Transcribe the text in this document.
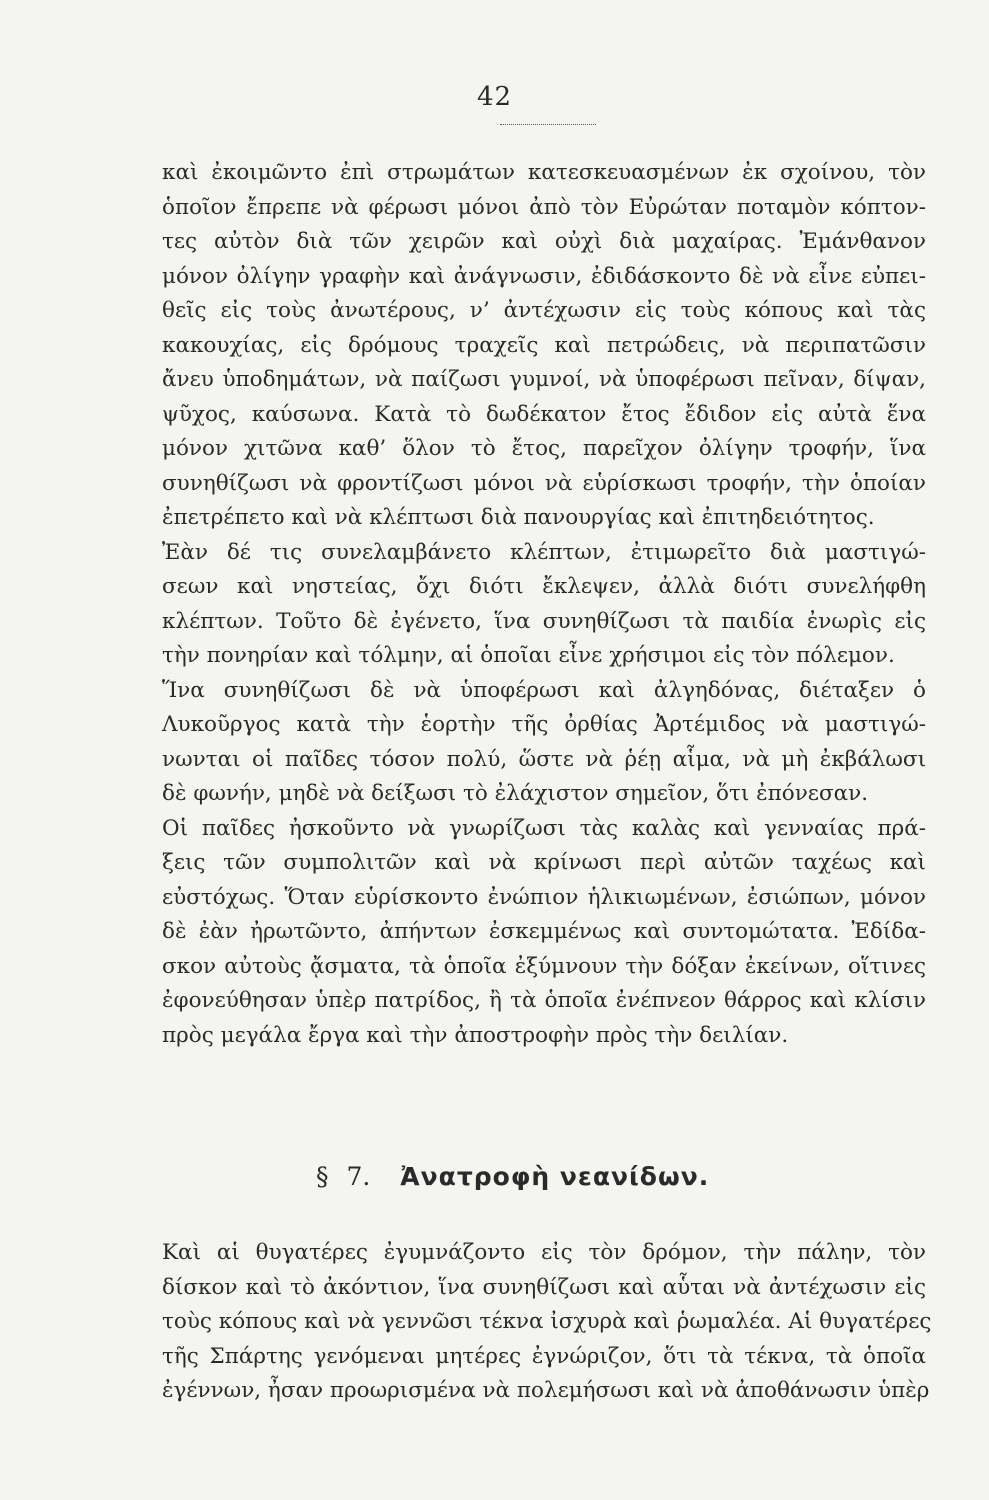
42
καὶ ἐκοιμῶντο ἐπὶ στρωμάτων κατεσκευασμένων ἐκ σχοίνου, τὸν
ὁποῖον ἔπρεπε νὰ φέρωσι μόνοι ἀπὸ τὸν Εὐρώταν ποταμὸν κόπτον-
τες αὐτὸν διὰ τῶν χειρῶν καὶ οὐχὶ διὰ μαχαίρας. Ἐμάνθανον
μόνον ὀλίγην γραφὴν καὶ ἀνάγνωσιν, ἐδιδάσκοντο δὲ νὰ εἶνε εὐπει-
θεῖς εἰς τοὺς ἀνωτέρους, ν’ ἀντέχωσιν εἰς τοὺς κόπους καὶ τὰς
κακουχίας, εἰς δρόμους τραχεῖς καὶ πετρώδεις, νὰ περιπατῶσιν
ἄνευ ὑποδημάτων, νὰ παίζωσι γυμνοί, νὰ ὑποφέρωσι πεῖναν, δίψαν,
ψῦχος, καύσωνα. Κατὰ τὸ δωδέκατον ἔτος ἔδιδον εἰς αὐτὰ ἕνα
μόνον χιτῶνα καθ’ ὅλον τὸ ἔτος, παρεῖχον ὀλίγην τροφήν, ἵνα
συνηθίζωσι νὰ φροντίζωσι μόνοι νὰ εὑρίσκωσι τροφήν, τὴν ὁποίαν
ἐπετρέπετο καὶ νὰ κλέπτωσι διὰ πανουργίας καὶ ἐπιτηδειότητος.
Ἐὰν δέ τις συνελαμβάνετο κλέπτων, ἐτιμωρεῖτο διὰ μαστιγώ-
σεων καὶ νηστείας, ὄχι διότι ἔκλεψεν, ἀλλὰ διότι συνελήφθη
κλέπτων. Τοῦτο δὲ ἐγένετο, ἵνα συνηθίζωσι τὰ παιδία ἐνωρὶς εἰς
τὴν πονηρίαν καὶ τόλμην, αἱ ὁποῖαι εἶνε χρήσιμοι εἰς τὸν πόλεμον.
Ἵνα συνηθίζωσι δὲ νὰ ὑποφέρωσι καὶ ἀλγηδόνας, διέταξεν ὁ
Λυκοῦργος κατὰ τὴν ἑορτὴν τῆς ὀρθίας Ἀρτέμιδος νὰ μαστιγώ-
νωνται οἱ παῖδες τόσον πολύ, ὥστε νὰ ῥέῃ αἷμα, νὰ μὴ ἐκβάλωσι
δὲ φωνήν, μηδὲ νὰ δείξωσι τὸ ἐλάχιστον σημεῖον, ὅτι ἐπόνεσαν.
Οἱ παῖδες ἠσκοῦντο νὰ γνωρίζωσι τὰς καλὰς καὶ γενναίας πρά-
ξεις τῶν συμπολιτῶν καὶ νὰ κρίνωσι περὶ αὐτῶν ταχέως καὶ
εὐστόχως. Ὅταν εὑρίσκοντο ἐνώπιον ἡλικιωμένων, ἐσιώπων, μόνον
δὲ ἐὰν ἠρωτῶντο, ἀπήντων ἐσκεμμένως καὶ συντομώτατα. Ἐδίδα-
σκον αὐτοὺς ᾄσματα, τὰ ὁποῖα ἐξύμνουν τὴν δόξαν ἐκείνων, οἵτινες
ἐφονεύθησαν ὑπὲρ πατρίδος, ἢ τὰ ὁποῖα ἐνέπνεον θάρρος καὶ κλίσιν
πρὸς μεγάλα ἔργα καὶ τὴν ἀποστροφὴν πρὸς τὴν δειλίαν.
§ 7. Ἀνατροφὴ νεανίδων.
Καὶ αἱ θυγατέρες ἐγυμνάζοντο εἰς τὸν δρόμον, τὴν πάλην, τὸν
δίσκον καὶ τὸ ἀκόντιον, ἵνα συνηθίζωσι καὶ αὗται νὰ ἀντέχωσιν εἰς
τοὺς κόπους καὶ νὰ γεννῶσι τέκνα ἰσχυρὰ καὶ ῥωμαλέα. Αἱ θυγατέρες
τῆς Σπάρτης γενόμεναι μητέρες ἐγνώριζον, ὅτι τὰ τέκνα, τὰ ὁποῖα
ἐγέννων, ἦσαν προωρισμένα νὰ πολεμήσωσι καὶ νὰ ἀποθάνωσιν ὑπὲρ
